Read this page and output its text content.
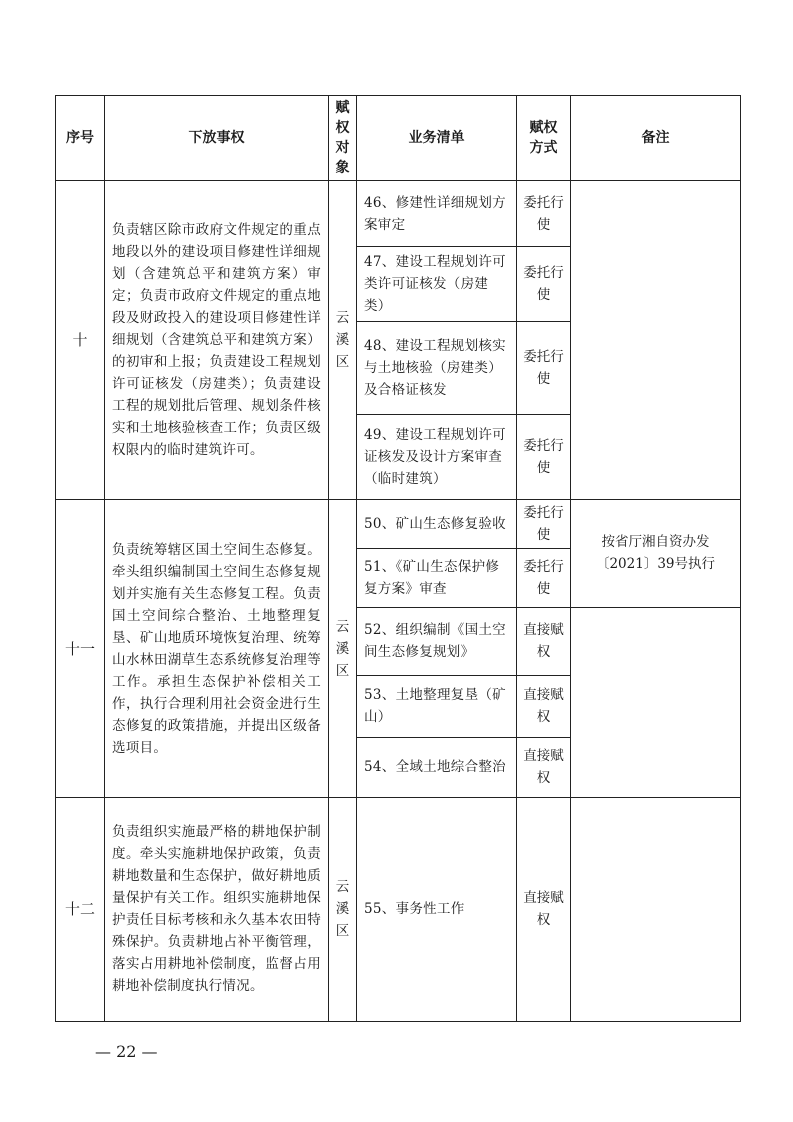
序号	下放事权	赋权对象	业务清单	赋权方式	备注
十	负责辖区除市政府文件规定的重点地段以外的建设项目修建性详细规划（含建筑总平和建筑方案）审定；负责市政府文件规定的重点地段及财政投入的建设项目修建性详细规划（含建筑总平和建筑方案）的初审和上报；负责建设工程规划许可证核发（房建类）；负责建设工程的规划批后管理、规划条件核实和土地核验核查工作；负责区级权限内的临时建筑许可。	云溪区	46、修建性详细规划方案审定	委托行使	
			47、建设工程规划许可类许可证核发（房建类）	委托行使	
			48、建设工程规划核实与土地核验（房建类）及合格证核发	委托行使	
			49、建设工程规划许可证核发及设计方案审查（临时建筑）	委托行使	
十一	负责统筹辖区国土空间生态修复。牵头组织编制国土空间生态修复规划并实施有关生态修复工程。负责国土空间综合整治、土地整理复垦、矿山地质环境恢复治理、统筹山水林田湖草生态系统修复治理等工作。承担生态保护补偿相关工作，执行合理利用社会资金进行生态修复的政策措施，并提出区级备选项目。	云溪区	50、矿山生态修复验收	委托行使	按省厅湘自资办发〔2021〕39号执行
			51、《矿山生态保护修复方案》审查	委托行使	
			52、组织编制《国土空间生态修复规划》	直接赋权	
			53、土地整理复垦（矿山）	直接赋权	
			54、全域土地综合整治	直接赋权	
十二	负责组织实施最严格的耕地保护制度。牵头实施耕地保护政策，负责耕地数量和生态保护，做好耕地质量保护有关工作。组织实施耕地保护责任目标考核和永久基本农田特殊保护。负责耕地占补平衡管理，落实占用耕地补偿制度，监督占用耕地补偿制度执行情况。	云溪区	55、事务性工作	直接赋权	
— 22 —
